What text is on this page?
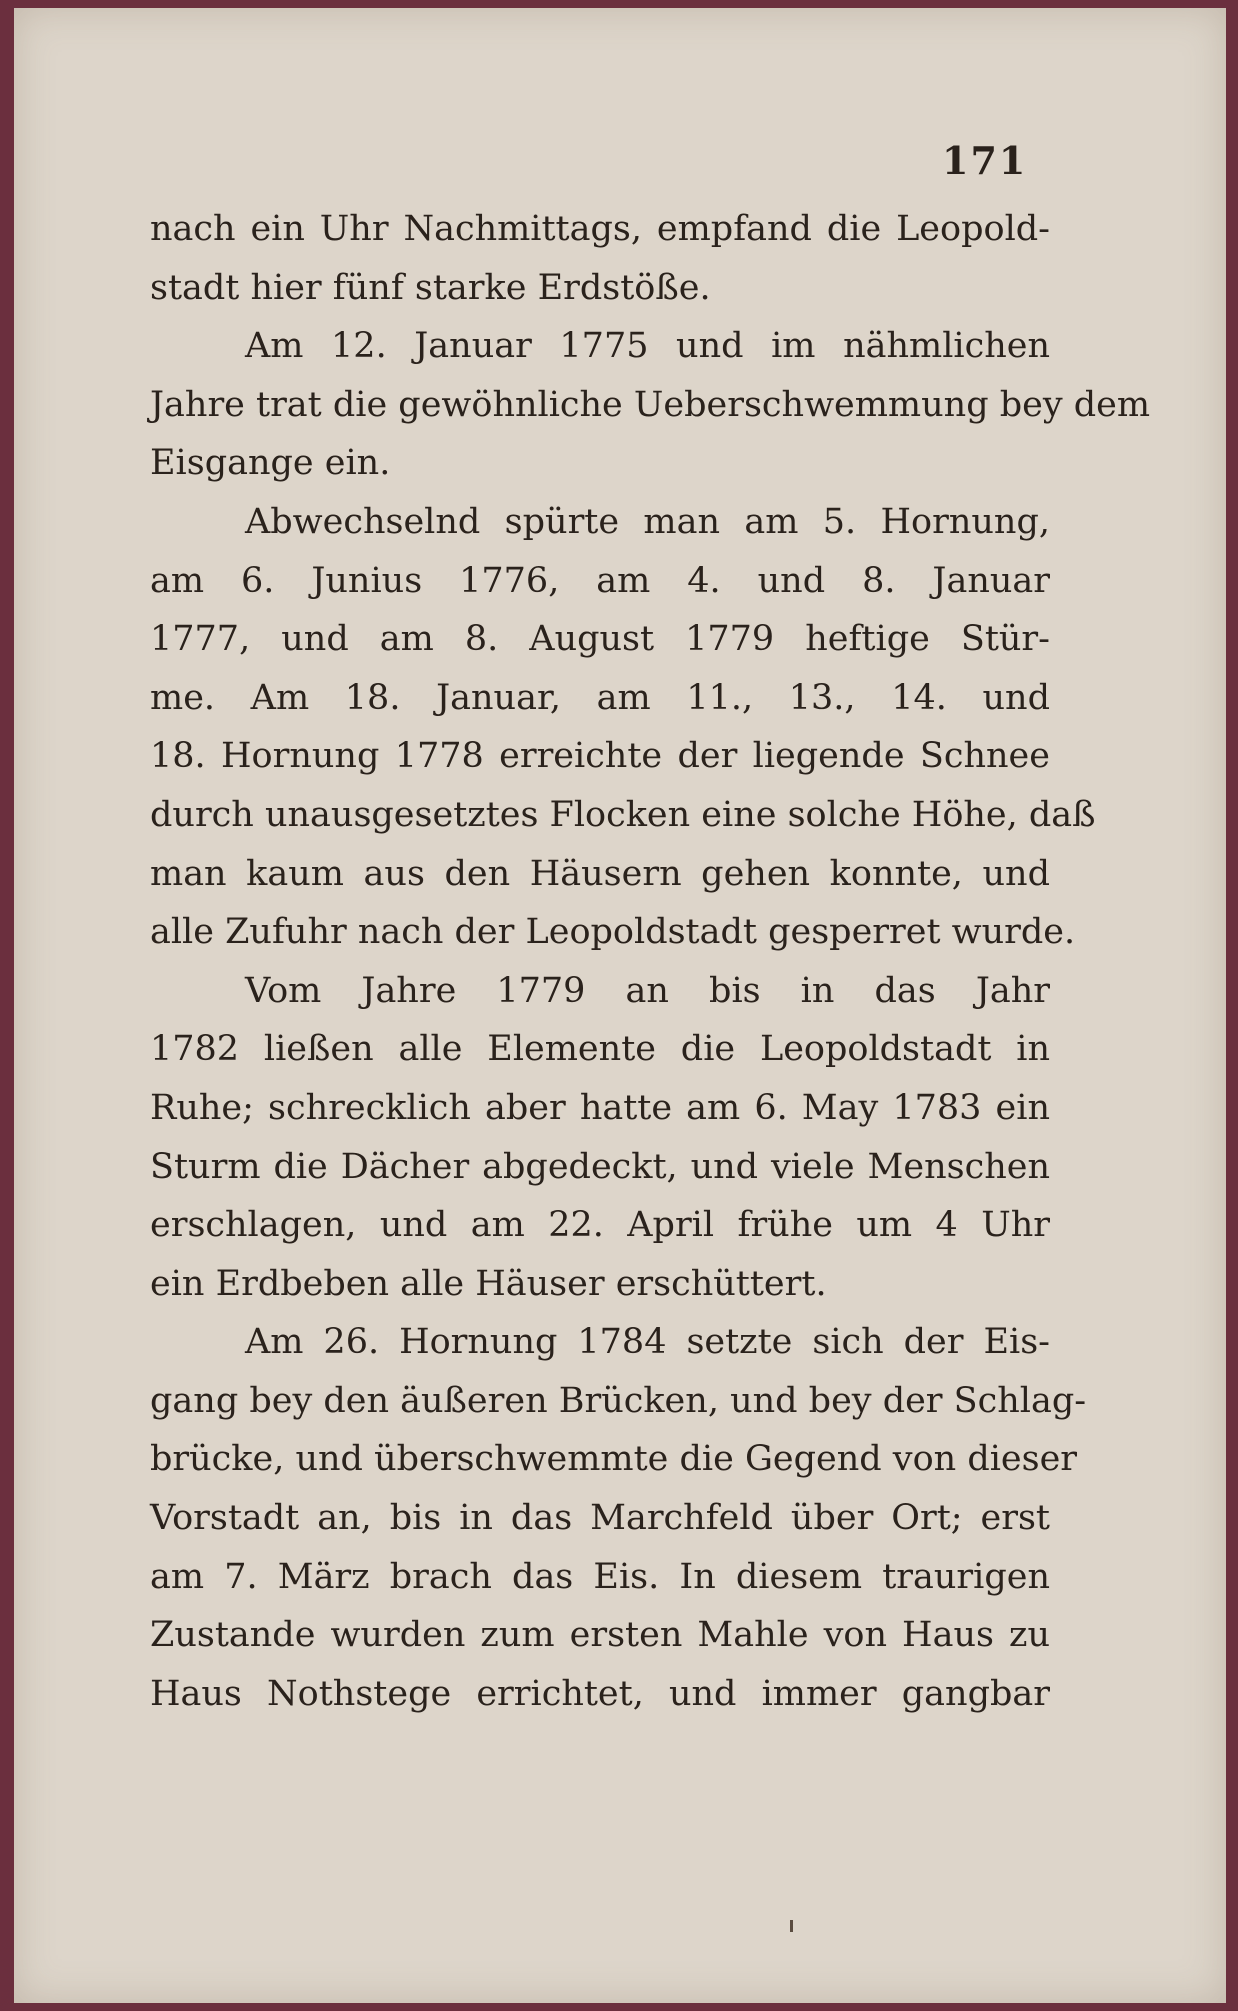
171
nach ein Uhr Nachmittags, empfand die Leopold-
stadt hier fünf starke Erdstöße.
Am 12. Januar 1775 und im nähmlichen
Jahre trat die gewöhnliche Ueberschwemmung bey dem
Eisgange ein.
Abwechselnd spürte man am 5. Hornung,
am 6. Junius 1776, am 4. und 8. Januar
1777, und am 8. August 1779 heftige Stür-
me. Am 18. Januar, am 11., 13., 14. und
18. Hornung 1778 erreichte der liegende Schnee
durch unausgesetztes Flocken eine solche Höhe, daß
man kaum aus den Häusern gehen konnte, und
alle Zufuhr nach der Leopoldstadt gesperret wurde.
Vom Jahre 1779 an bis in das Jahr
1782 ließen alle Elemente die Leopoldstadt in
Ruhe; schrecklich aber hatte am 6. May 1783 ein
Sturm die Dächer abgedeckt, und viele Menschen
erschlagen, und am 22. April frühe um 4 Uhr
ein Erdbeben alle Häuser erschüttert.
Am 26. Hornung 1784 setzte sich der Eis-
gang bey den äußeren Brücken, und bey der Schlag-
brücke, und überschwemmte die Gegend von dieser
Vorstadt an, bis in das Marchfeld über Ort; erst
am 7. März brach das Eis. In diesem traurigen
Zustande wurden zum ersten Mahle von Haus zu
Haus Nothstege errichtet, und immer gangbar
